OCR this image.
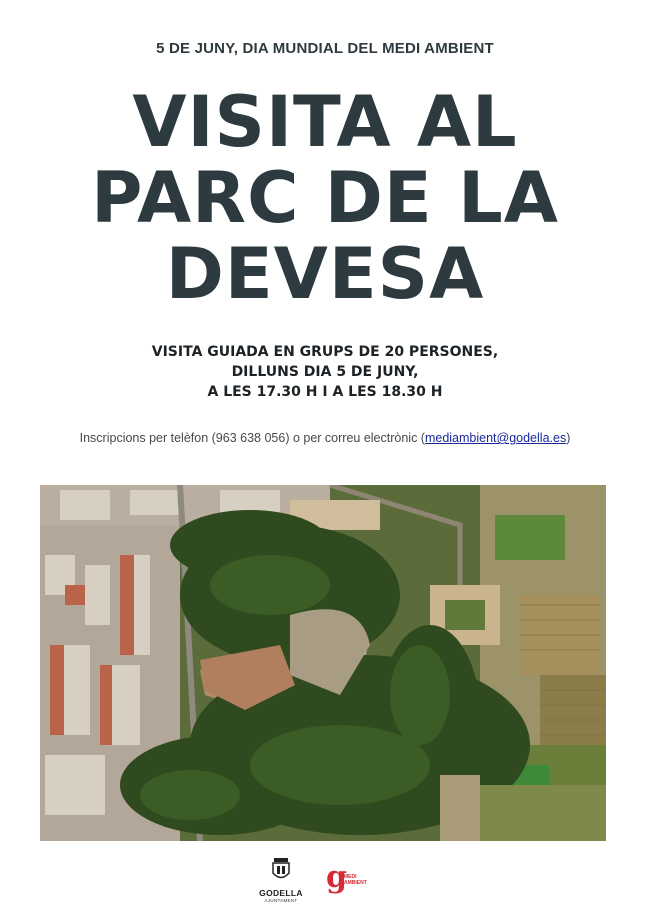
5 DE JUNY, DIA MUNDIAL DEL MEDI AMBIENT
VISITA AL
PARC DE LA
DEVESA
VISITA GUIADA EN GRUPS DE 20 PERSONES,
DILLUNS DIA 5 DE JUNY,
A LES 17.30 H I A LES 18.30 H
Inscripcions per telèfon (963 638 056) o per correu electrònic (mediambient@godella.es)
GODELLA
AJUNTAMENT
g
MEDI
AMBIENT
